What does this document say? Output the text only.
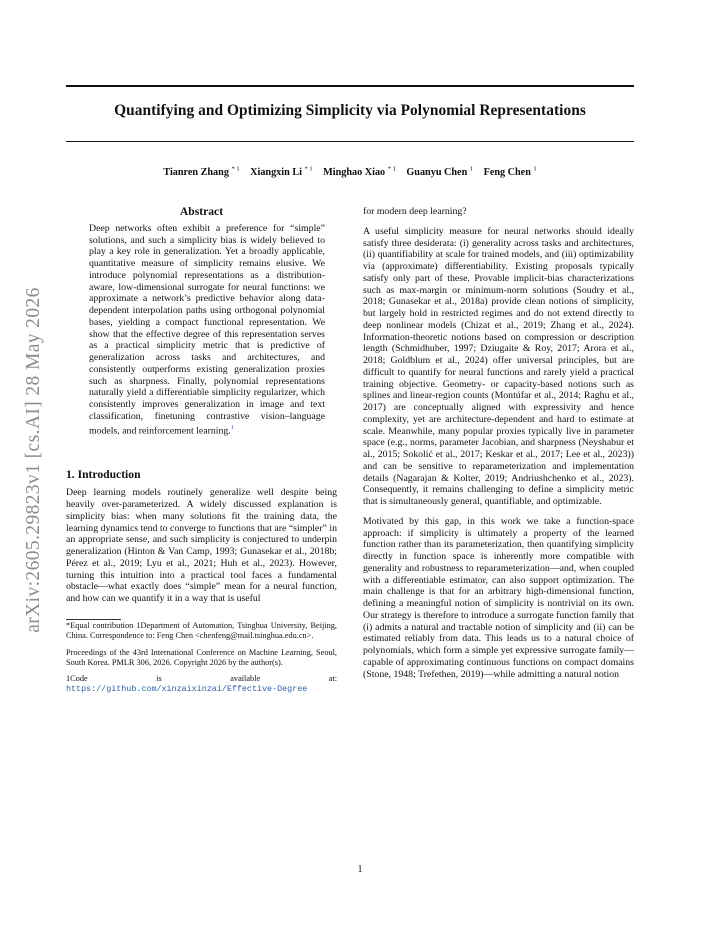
arXiv:2605.29823v1 [cs.AI] 28 May 2026
Quantifying and Optimizing Simplicity via Polynomial Representations
Tianren Zhang $^{* 1}$ Xiangxin Li $^{* 1}$ Minghao Xiao $^{* 1}$ Guanyu Chen $^1$ Feng Chen $^1$
Abstract
Deep networks often exhibit a preference for “simple” solutions, and such a simplicity bias is widely believed to play a key role in generalization. Yet a broadly applicable, quantitative measure of simplicity remains elusive. We introduce polynomial representations as a distribution-aware, low-dimensional surrogate for neural functions: we approximate a network’s predictive behavior along data-dependent interpolation paths using orthogonal polynomial bases, yielding a compact functional representation. We show that the effective degree of this representation serves as a practical simplicity metric that is predictive of generalization across tasks and architectures, and consistently outperforms existing generalization proxies such as sharpness. Finally, polynomial representations naturally yield a differentiable simplicity regularizer, which consistently improves generalization in image and text classification, finetuning contrastive vision–language models, and reinforcement learning.$^1$
1. Introduction

Deep learning models routinely generalize well despite being heavily over-parameterized. A widely discussed explanation is simplicity bias: when many solutions fit the training data, the learning dynamics tend to converge to functions that are “simpler” in an appropriate sense, and such simplicity is conjectured to underpin generalization (Hinton & Van Camp, 1993; Gunasekar et al., 2018b; Pérez et al., 2019; Lyu et al., 2021; Huh et al., 2023). However, turning this intuition into a practical tool faces a fundamental obstacle—what exactly does “simple” mean for a neural function, and how can we quantify it in a way that is useful

*Equal contribution 1Department of Automation, Tsinghua University, Beijing, China. Correspondence to: Feng Chen <chenfeng@mail.tsinghua.edu.cn>.

Proceedings of the 43rd International Conference on Machine Learning, Seoul, South Korea. PMLR 306, 2026. Copyright 2026 by the author(s).

1Code is available at: https://github.com/xinzaixinzai/Effective-Degree

for modern deep learning?

A useful simplicity measure for neural networks should ideally satisfy three desiderata: (i) generality across tasks and architectures, (ii) quantifiability at scale for trained models, and (iii) optimizability via (approximate) differentiability. Existing proposals typically satisfy only part of these. Provable implicit-bias characterizations such as max-margin or minimum-norm solutions (Soudry et al., 2018; Gunasekar et al., 2018a) provide clean notions of simplicity, but largely hold in restricted regimes and do not extend directly to deep nonlinear models (Chizat et al., 2019; Zhang et al., 2024). Information-theoretic notions based on compression or description length (Schmidhuber, 1997; Dziugaite & Roy, 2017; Arora et al., 2018; Goldblum et al., 2024) offer universal principles, but are difficult to quantify for neural functions and rarely yield a practical training objective. Geometry- or capacity-based notions such as splines and linear-region counts (Montúfar et al., 2014; Raghu et al., 2017) are conceptually aligned with expressivity and hence complexity, yet are architecture-dependent and hard to estimate at scale. Meanwhile, many popular proxies typically live in parameter space (e.g., norms, parameter Jacobian, and sharpness (Neyshabur et al., 2015; Sokolić et al., 2017; Keskar et al., 2017; Lee et al., 2023)) and can be sensitive to reparameterization and implementation details (Nagarajan & Kolter, 2019; Andriushchenko et al., 2023). Consequently, it remains challenging to define a simplicity metric that is simultaneously general, quantifiable, and optimizable.

Motivated by this gap, in this work we take a function-space approach: if simplicity is ultimately a property of the learned function rather than its parameterization, then quantifying simplicity directly in function space is inherently more compatible with generality and robustness to reparameterization—and, when coupled with a differentiable estimator, can also support optimization. The main challenge is that for an arbitrary high-dimensional function, defining a meaningful notion of simplicity is nontrivial on its own. Our strategy is therefore to introduce a surrogate function family that (i) admits a natural and tractable notion of simplicity and (ii) can be estimated reliably from data. This leads us to a natural choice of polynomials, which form a simple yet expressive surrogate family—capable of approximating continuous functions on compact domains (Stone, 1948; Trefethen, 2019)—while admitting a natural notion

1
